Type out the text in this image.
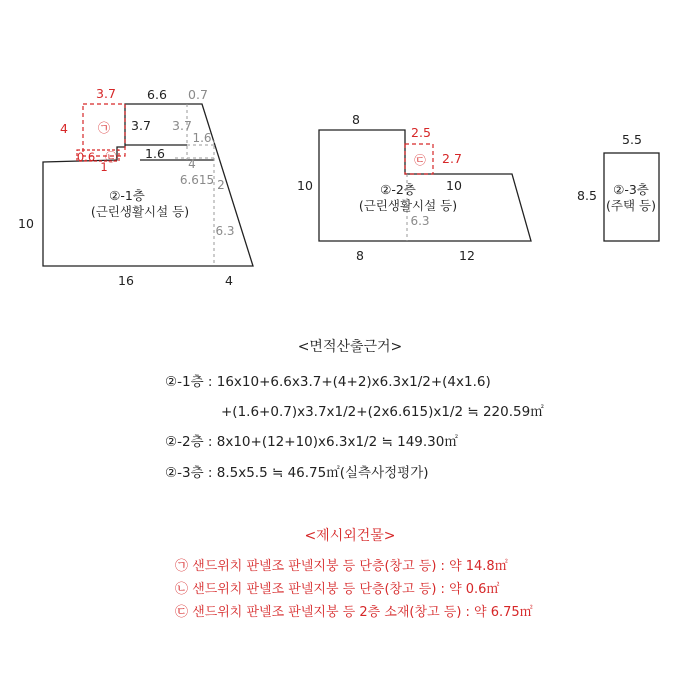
3.7
4	㉠
0.6 ㉡
1
6.6 0.7
3.7 3.7
1.6
1.6
4
6.615 2
6.3
10
16	4
②-1층
(근린생활시설 등)
8
2.5
㉢ 2.7
10	10
6.3
8	12
②-2층
(근린생활시설 등)
5.5
8.5 ②-3층
(주택 등)
<면적산출근거>
②-1층 : 16x10+6.6x3.7+(4+2)x6.3x1/2+(4x1.6)
+(1.6+0.7)x3.7x1/2+(2x6.615)x1/2 ≒ 220.59㎡
②-2층 : 8x10+(12+10)x6.3x1/2 ≒ 149.30㎡
②-3층 : 8.5x5.5 ≒ 46.75㎡(실측사정평가)
<제시외건물>
㉠ 샌드위치 판넬조 판넬지붕 등 단층(창고 등) : 약 14.8㎡
㉡ 샌드위치 판넬조 판넬지붕 등 단층(창고 등) : 약 0.6㎡
㉢ 샌드위치 판넬조 판넬지붕 등 2층 소재(창고 등) : 약 6.75㎡
